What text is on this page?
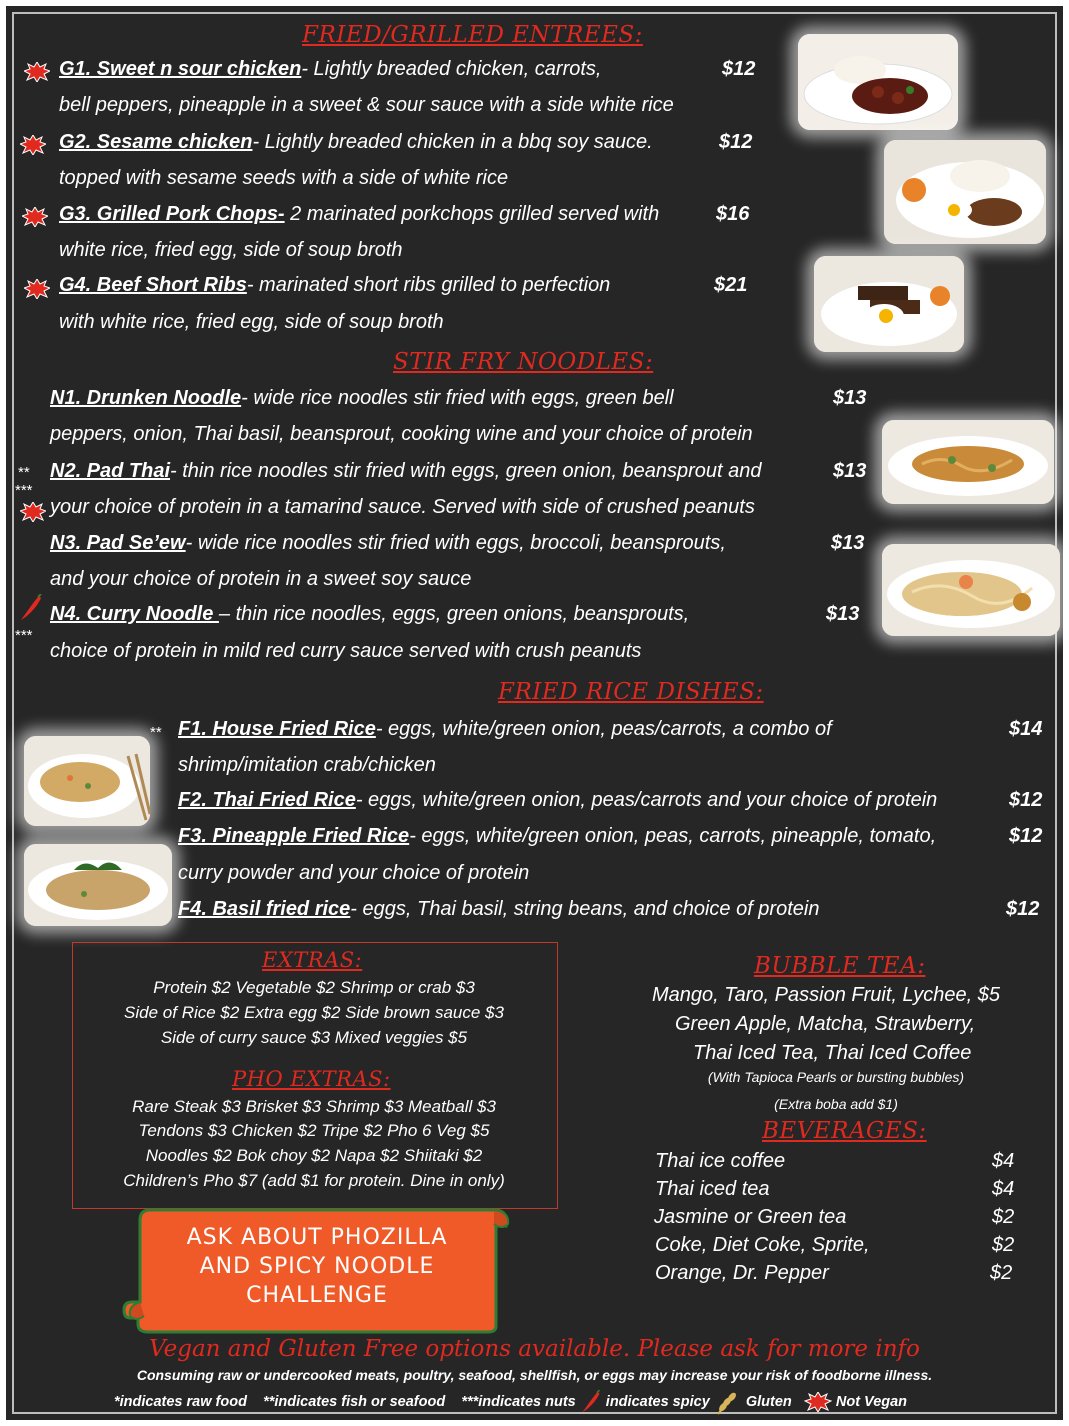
FRIED/GRILLED ENTREES:
G1. Sweet n sour chicken- Lightly breaded chicken, carrots,	$12
bell peppers, pineapple in a sweet & sour sauce with a side white rice
G2. Sesame chicken- Lightly breaded chicken in a bbq soy sauce.	$12
topped with sesame seeds with a side of white rice
G3. Grilled Pork Chops- 2 marinated porkchops grilled served with	$16
white rice, fried egg, side of soup broth
G4. Beef Short Ribs- marinated short ribs grilled to perfection	$21
with white rice, fried egg, side of soup broth
STIR FRY NOODLES:
N1. Drunken Noodle- wide rice noodles stir fried with eggs, green bell	$13
peppers, onion, Thai basil, beansprout, cooking wine and your choice of protein
**
***
N2. Pad Thai- thin rice noodles stir fried with eggs, green onion, beansprout and	$13
your choice of protein in a tamarind sauce. Served with side of crushed peanuts
N3. Pad Se’ew- wide rice noodles stir fried with eggs, broccoli, beansprouts,	$13
and your choice of protein in a sweet soy sauce
***
N4. Curry Noodle – thin rice noodles, eggs, green onions, beansprouts,	$13
choice of protein in mild red curry sauce served with crush peanuts
FRIED RICE DISHES:
** F1. House Fried Rice- eggs, white/green onion, peas/carrots, a combo of	$14
shrimp/imitation crab/chicken
F2. Thai Fried Rice- eggs, white/green onion, peas/carrots and your choice of protein	$12
F3. Pineapple Fried Rice- eggs, white/green onion, peas, carrots, pineapple, tomato,	$12
curry powder and your choice of protein
F4. Basil fried rice- eggs, Thai basil, string beans, and choice of protein	$12
EXTRAS:
Protein $2 Vegetable $2 Shrimp or crab $3
Side of Rice $2 Extra egg $2 Side brown sauce $3
Side of curry sauce $3 Mixed veggies $5
PHO EXTRAS:
Rare Steak $3 Brisket $3 Shrimp $3 Meatball $3
Tendons $3 Chicken $2 Tripe $2 Pho 6 Veg $5
Noodles $2 Bok choy $2 Napa $2 Shiitaki $2
Children’s Pho $7 (add $1 for protein. Dine in only)
BUBBLE TEA:
Mango, Taro, Passion Fruit, Lychee, $5
Green Apple, Matcha, Strawberry,
Thai Iced Tea, Thai Iced Coffee
(With Tapioca Pearls or bursting bubbles)
(Extra boba add $1)
BEVERAGES:
Thai ice coffee	$4
Thai iced tea	$4
Jasmine or Green tea	$2
Coke, Diet Coke, Sprite,	$2
Orange, Dr. Pepper	$2
ASK ABOUT PHOZILLA
AND SPICY NOODLE
CHALLENGE
Vegan and Gluten Free options available. Please ask for more info
Consuming raw or undercooked meats, poultry, seafood, shellfish, or eggs may increase your risk of foodborne illness.
*indicates raw food **indicates fish or seafood ***indicates nuts indicates spicy Gluten	Not Vegan
